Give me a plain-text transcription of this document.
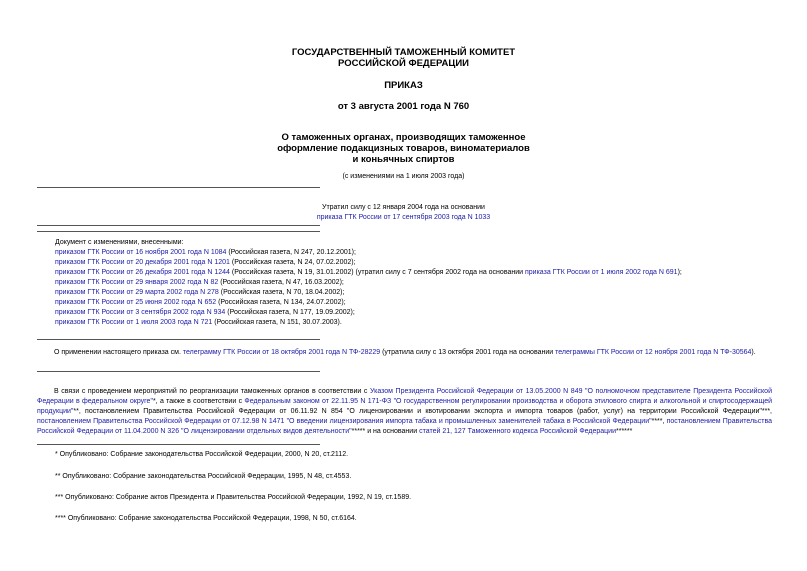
ГОСУДАРСТВЕННЫЙ ТАМОЖЕННЫЙ КОМИТЕТ
РОССИЙСКОЙ ФЕДЕРАЦИИ
ПРИКАЗ
от 3 августа 2001 года N 760
О таможенных органах, производящих таможенное
оформление подакцизных товаров, виноматериалов
и коньячных спиртов
(с изменениями на 1 июля 2003 года)
Утратил силу с 12 января 2004 года на основании
приказа ГТК России от 17 сентября 2003 года N 1033
Документ с изменениями, внесенными:
приказом ГТК России от 16 ноября 2001 года N 1084 (Российская газета, N 247, 20.12.2001);
приказом ГТК России от 20 декабря 2001 года N 1201 (Российская газета, N 24, 07.02.2002);
приказом ГТК России от 26 декабря 2001 года N 1244 (Российская газета, N 19, 31.01.2002) (утратил силу с 7 сентября 2002 года на основании приказа ГТК России от 1 июля 2002 года N 691);
приказом ГТК России от 29 января 2002 года N 82 (Российская газета, N 47, 16.03.2002);
приказом ГТК России от 29 марта 2002 года N 278 (Российская газета, N 70, 18.04.2002);
приказом ГТК России от 25 июня 2002 года N 652 (Российская газета, N 134, 24.07.2002);
приказом ГТК России от 3 сентября 2002 года N 934 (Российская газета, N 177, 19.09.2002);
приказом ГТК России от 1 июля 2003 года N 721 (Российская газета, N 151, 30.07.2003).
О применении настоящего приказа см. телеграмму ГТК России от 18 октября 2001 года N ТФ-28229 (утратила силу с 13 октября 2001 года на основании телеграммы ГТК России от 12 ноября 2001 года N ТФ-30564).
В связи с проведением мероприятий по реорганизации таможенных органов в соответствии с Указом Президента Российской Федерации от 13.05.2000 N 849 "О полномочном представителе Президента Российской Федерации в федеральном округе"*, а также в соответствии с Федеральным законом от 22.11.95 N 171-ФЗ "О государственном регулировании производства и оборота этилового спирта и алкогольной и спиртосодержащей продукции"**, постановлением Правительства Российской Федерации от 06.11.92 N 854 "О лицензировании и квотировании экспорта и импорта товаров (работ, услуг) на территории Российской Федерации"***, постановлением Правительства Российской Федерации от 07.12.98 N 1471 "О введении лицензирования импорта табака и промышленных заменителей табака в Российской Федерации"****, постановлением Правительства Российской Федерации от 11.04.2000 N 326 "О лицензировании отдельных видов деятельности"***** и на основании статей 21, 127 Таможенного кодекса Российской Федерации******
* Опубликовано: Собрание законодательства Российской Федерации, 2000, N 20, ст.2112.
** Опубликовано: Собрание законодательства Российской Федерации, 1995, N 48, ст.4553.
*** Опубликовано: Собрание актов Президента и Правительства Российской Федерации, 1992, N 19, ст.1589.
**** Опубликовано: Собрание законодательства Российской Федерации, 1998, N 50, ст.6164.
